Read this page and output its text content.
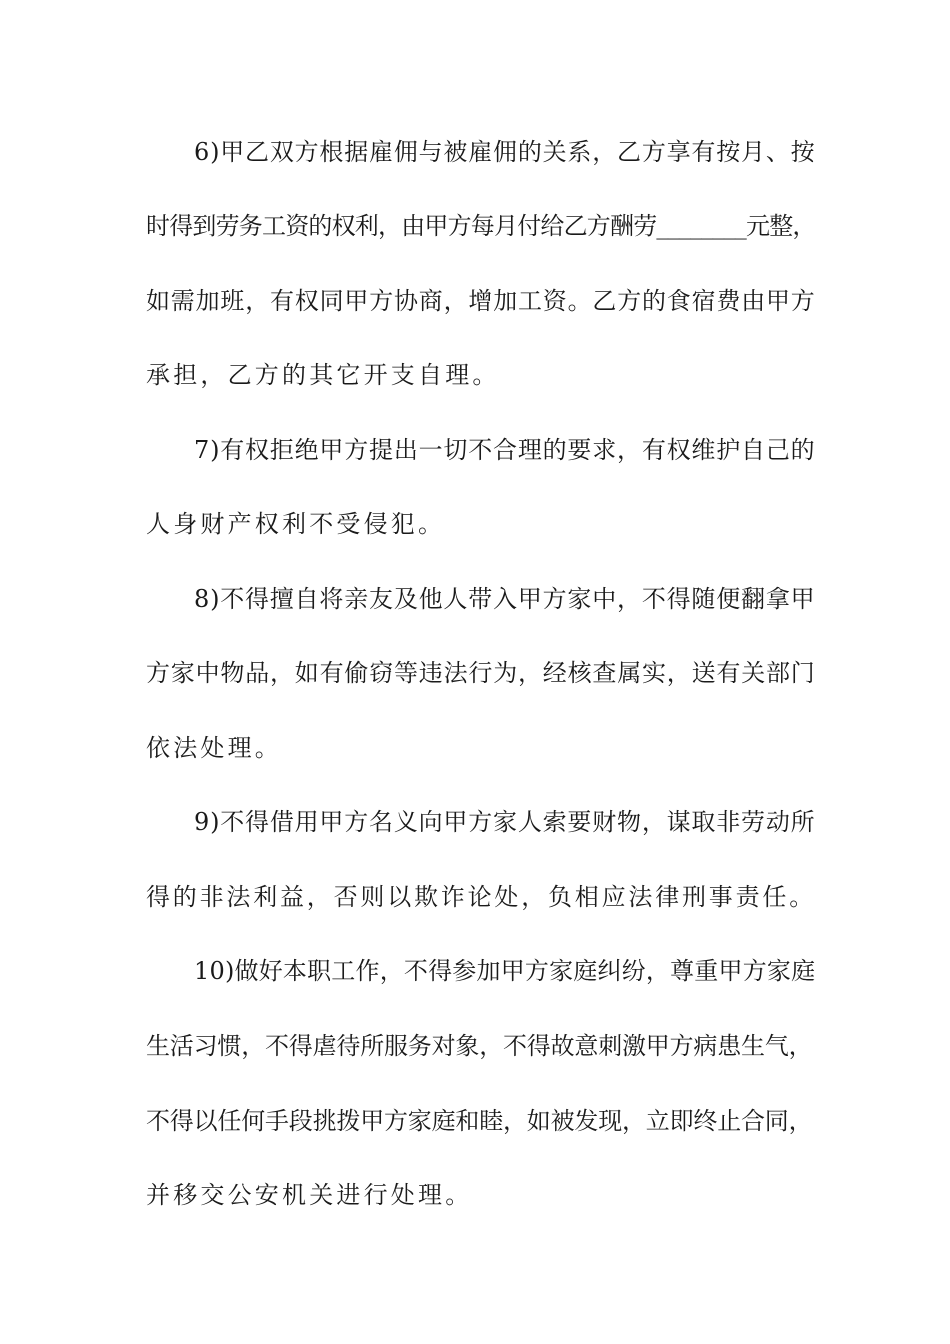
6)甲乙双方根据雇佣与被雇佣的关系，乙方享有按月、按
时得到劳务工资的权利，由甲方每月付给乙方酬劳________元整，
如需加班，有权同甲方协商，增加工资。乙方的食宿费由甲方
承担，乙方的其它开支自理。
7)有权拒绝甲方提出一切不合理的要求，有权维护自己的
人身财产权利不受侵犯。
8)不得擅自将亲友及他人带入甲方家中，不得随便翻拿甲
方家中物品，如有偷窃等违法行为，经核查属实，送有关部门
依法处理。
9)不得借用甲方名义向甲方家人索要财物，谋取非劳动所
得的非法利益，否则以欺诈论处，负相应法律刑事责任。
10)做好本职工作，不得参加甲方家庭纠纷，尊重甲方家庭
生活习惯，不得虐待所服务对象，不得故意刺激甲方病患生气，
不得以任何手段挑拨甲方家庭和睦，如被发现，立即终止合同，
并移交公安机关进行处理。
